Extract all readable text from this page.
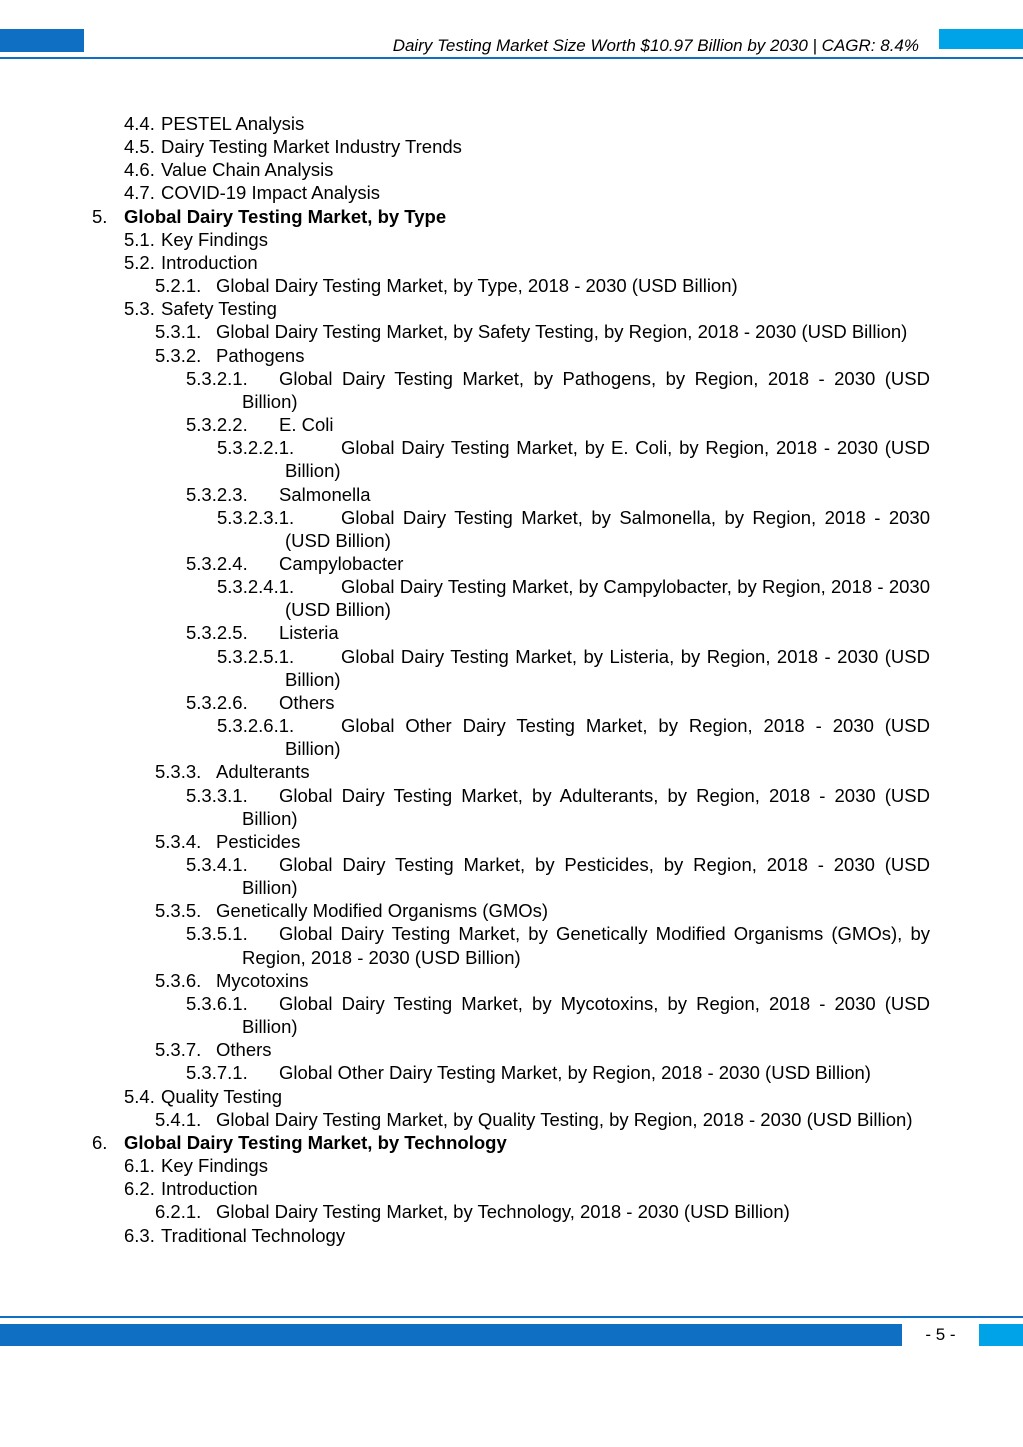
Dairy Testing Market Size Worth $10.97 Billion by 2030 | CAGR: 8.4%
4.4. PESTEL Analysis
4.5. Dairy Testing Market Industry Trends
4.6. Value Chain Analysis
4.7. COVID-19 Impact Analysis
5. Global Dairy Testing Market, by Type
5.1. Key Findings
5.2. Introduction
5.2.1. Global Dairy Testing Market, by Type, 2018 - 2030 (USD Billion)
5.3. Safety Testing
5.3.1. Global Dairy Testing Market, by Safety Testing, by Region, 2018 - 2030 (USD Billion)
5.3.2. Pathogens
5.3.2.1.	Global Dairy Testing Market, by Pathogens, by Region, 2018 - 2030 (USD Billion)
5.3.2.2.	E. Coli
5.3.2.2.1.	Global Dairy Testing Market, by E. Coli, by Region, 2018 - 2030 (USD Billion)
5.3.2.3.	Salmonella
5.3.2.3.1.	Global Dairy Testing Market, by Salmonella, by Region, 2018 - 2030 (USD Billion)
5.3.2.4.	Campylobacter
5.3.2.4.1.	Global Dairy Testing Market, by Campylobacter, by Region, 2018 - 2030 (USD Billion)
5.3.2.5.	Listeria
5.3.2.5.1.	Global Dairy Testing Market, by Listeria, by Region, 2018 - 2030 (USD Billion)
5.3.2.6.	Others
5.3.2.6.1.	Global Other Dairy Testing Market, by Region, 2018 - 2030 (USD Billion)
5.3.3. Adulterants
5.3.3.1.	Global Dairy Testing Market, by Adulterants, by Region, 2018 - 2030 (USD Billion)
5.3.4. Pesticides
5.3.4.1.	Global Dairy Testing Market, by Pesticides, by Region, 2018 - 2030 (USD Billion)
5.3.5. Genetically Modified Organisms (GMOs)
5.3.5.1.	Global Dairy Testing Market, by Genetically Modified Organisms (GMOs), by Region, 2018 - 2030 (USD Billion)
5.3.6. Mycotoxins
5.3.6.1.	Global Dairy Testing Market, by Mycotoxins, by Region, 2018 - 2030 (USD Billion)
5.3.7. Others
5.3.7.1.	Global Other Dairy Testing Market, by Region, 2018 - 2030 (USD Billion)
5.4. Quality Testing
5.4.1. Global Dairy Testing Market, by Quality Testing, by Region, 2018 - 2030 (USD Billion)
6. Global Dairy Testing Market, by Technology
6.1. Key Findings
6.2. Introduction
6.2.1. Global Dairy Testing Market, by Technology, 2018 - 2030 (USD Billion)
6.3. Traditional Technology
- 5 -
